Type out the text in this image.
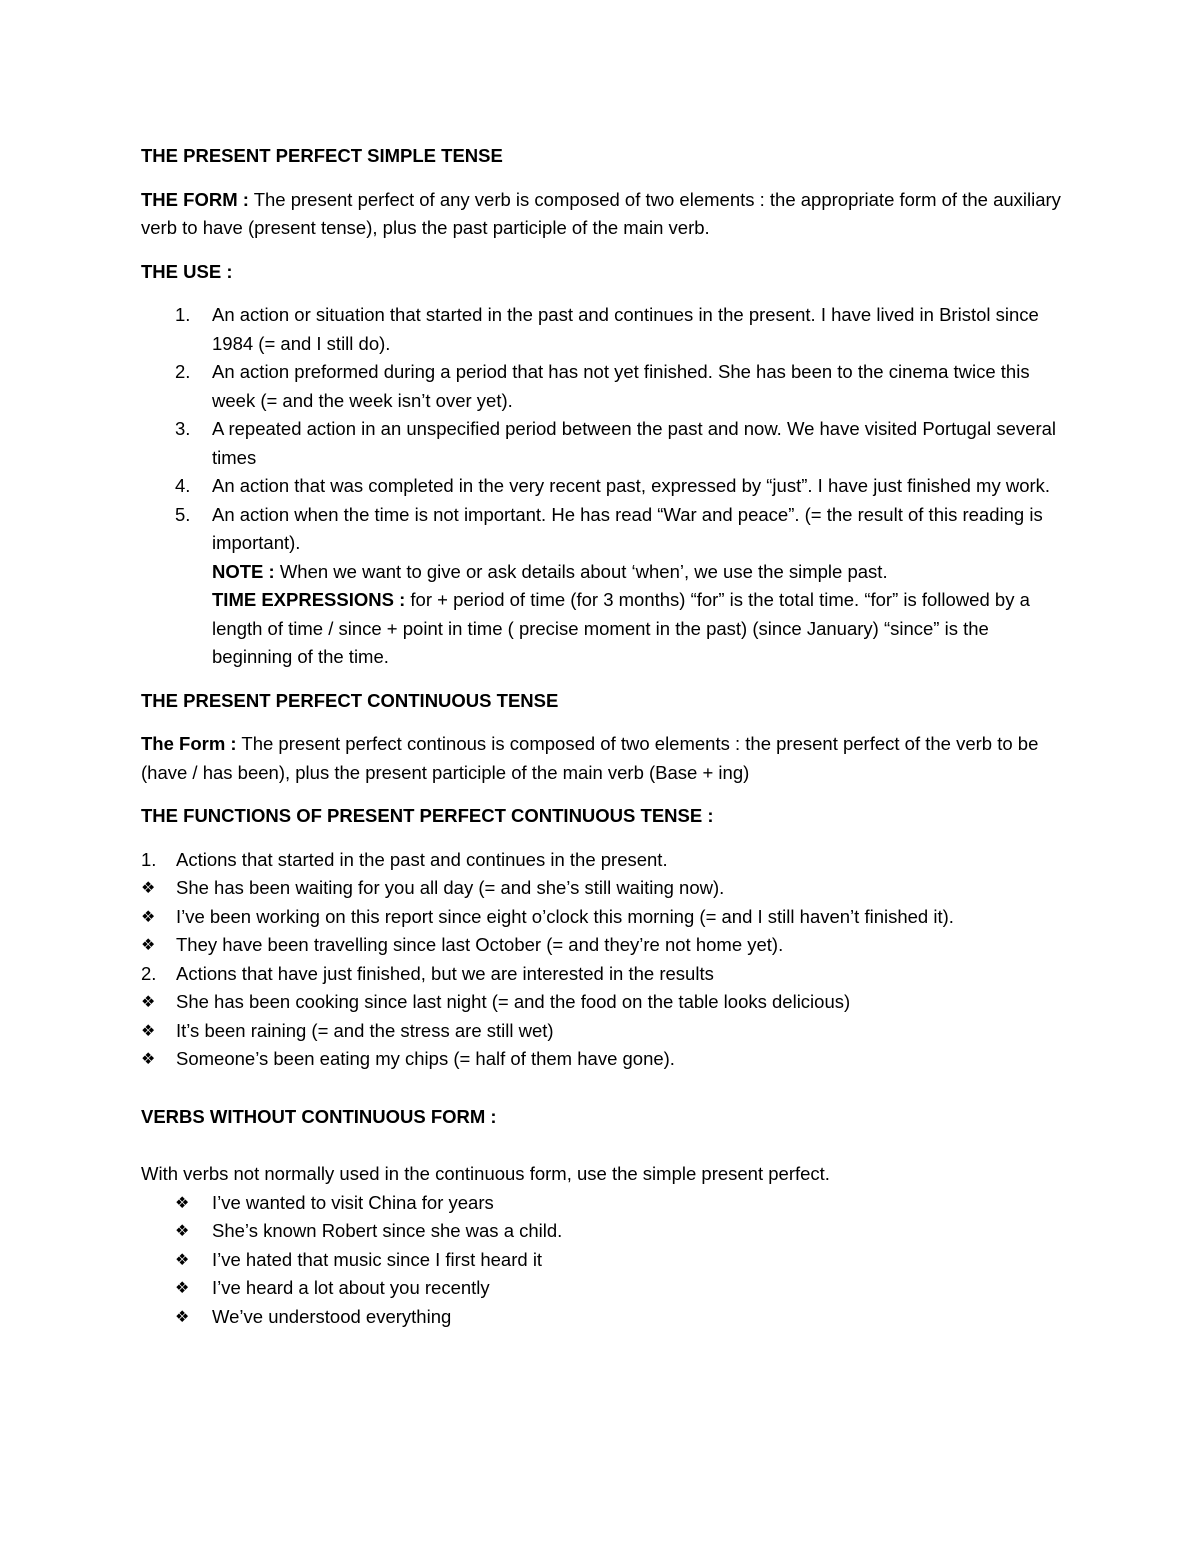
THE PRESENT PERFECT SIMPLE TENSE

THE FORM : The present perfect of any verb is composed of two elements : the appropriate form of the auxiliary verb to have (present tense), plus the past participle of the main verb.

THE USE :

1. An action or situation that started in the past and continues in the present. I have lived in Bristol since 1984 (= and I still do).
2. An action preformed during a period that has not yet finished. She has been to the cinema twice this week (= and the week isn’t over yet).
3. A repeated action in an unspecified period between the past and now. We have visited Portugal several times
4. An action that was completed in the very recent past, expressed by “just”. I have just finished my work.
5. An action when the time is not important. He has read “War and peace”. (= the result of this reading is important).
NOTE : When we want to give or ask details about ‘when’, we use the simple past.
TIME EXPRESSIONS : for + period of time (for 3 months) “for” is the total time. “for” is followed by a length of time / since + point in time ( precise moment in the past) (since January) “since” is the beginning of the time.

THE PRESENT PERFECT CONTINUOUS TENSE

The Form : The present perfect continous is composed of two elements : the present perfect of the verb to be (have / has been), plus the present participle of the main verb (Base + ing)

THE FUNCTIONS OF PRESENT PERFECT CONTINUOUS TENSE :

1. Actions that started in the past and continues in the present.
❖ She has been waiting for you all day (= and she’s still waiting now).
❖ I’ve been working on this report since eight o’clock this morning (= and I still haven’t finished it).
❖ They have been travelling since last October (= and they’re not home yet).
2. Actions that have just finished, but we are interested in the results
❖ She has been cooking since last night (= and the food on the table looks delicious)
❖ It’s been raining (= and the stress are still wet)
❖ Someone’s been eating my chips (= half of them have gone).

VERBS WITHOUT CONTINUOUS FORM :

With verbs not normally used in the continuous form, use the simple present perfect.

❖ I’ve wanted to visit China for years
❖ She’s known Robert since she was a child.
❖ I’ve hated that music since I first heard it
❖ I’ve heard a lot about you recently
❖ We’ve understood everything
